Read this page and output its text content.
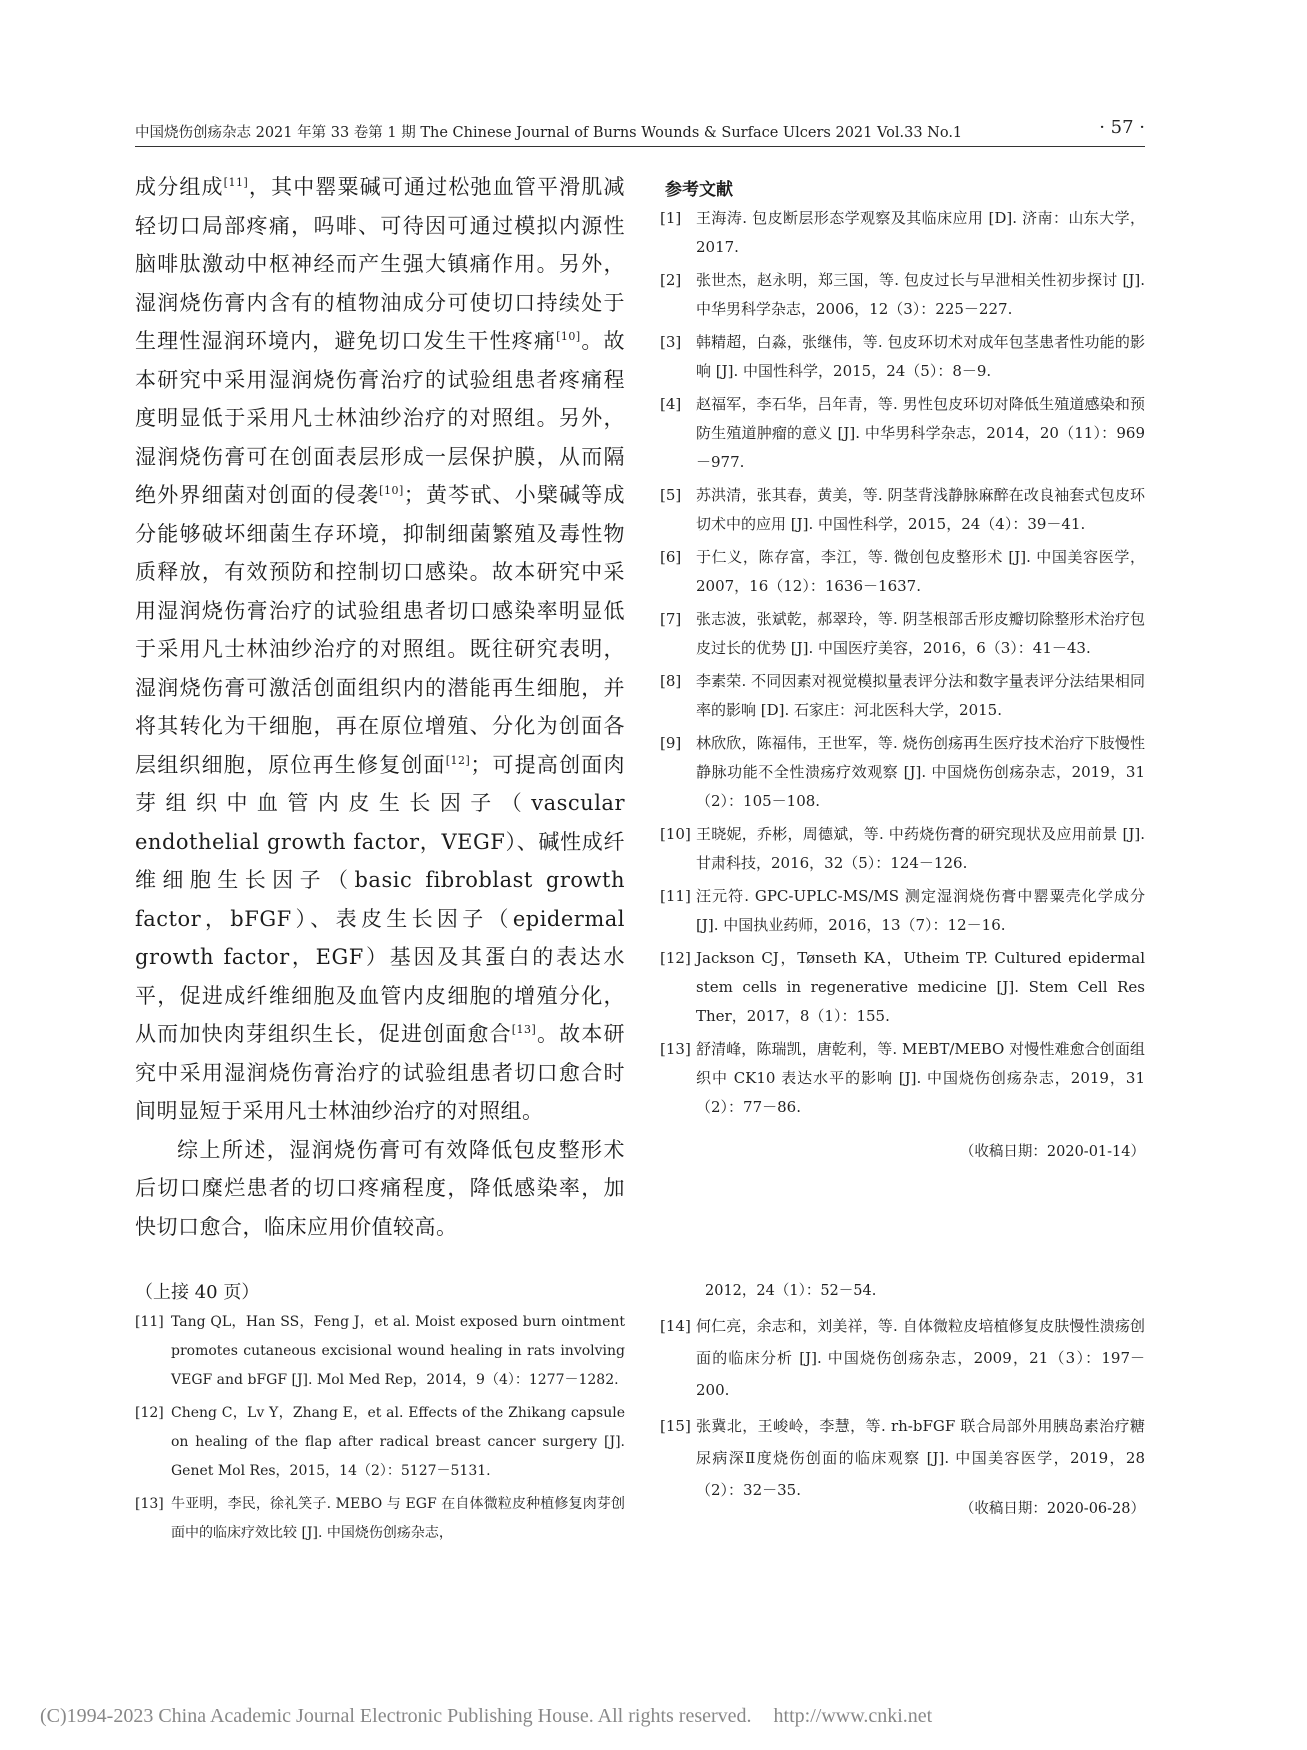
中国烧伤创疡杂志 2021 年第 33 卷第 1 期 The Chinese Journal of Burns Wounds & Surface Ulcers 2021 Vol.33 No.1	· 57 ·

成分组成[11]，其中罂粟碱可通过松弛血管平滑肌减轻切口局部疼痛，吗啡、可待因可通过模拟内源性脑啡肽激动中枢神经而产生强大镇痛作用。另外，湿润烧伤膏内含有的植物油成分可使切口持续处于生理性湿润环境内，避免切口发生干性疼痛[10]。故本研究中采用湿润烧伤膏治疗的试验组患者疼痛程度明显低于采用凡士林油纱治疗的对照组。另外，湿润烧伤膏可在创面表层形成一层保护膜，从而隔绝外界细菌对创面的侵袭[10]；黄芩甙、小檗碱等成分能够破坏细菌生存环境，抑制细菌繁殖及毒性物质释放，有效预防和控制切口感染。故本研究中采用湿润烧伤膏治疗的试验组患者切口感染率明显低于采用凡士林油纱治疗的对照组。既往研究表明，湿润烧伤膏可激活创面组织内的潜能再生细胞，并将其转化为干细胞，再在原位增殖、分化为创面各层组织细胞，原位再生修复创面[12]；可提高创面肉芽组织中血管内皮生长因子（vascular endothelial growth factor，VEGF）、碱性成纤维细胞生长因子（basic fibroblast growth factor，bFGF）、表皮生长因子（epidermal growth factor，EGF）基因及其蛋白的表达水平，促进成纤维细胞及血管内皮细胞的增殖分化，从而加快肉芽组织生长，促进创面愈合[13]。故本研究中采用湿润烧伤膏治疗的试验组患者切口愈合时间明显短于采用凡士林油纱治疗的对照组。

综上所述，湿润烧伤膏可有效降低包皮整形术后切口糜烂患者的切口疼痛程度，降低感染率，加快切口愈合，临床应用价值较高。

参考文献
[1] 王海涛. 包皮断层形态学观察及其临床应用 [D]. 济南：山东大学，2017.
[2] 张世杰，赵永明，郑三国，等. 包皮过长与早泄相关性初步探讨 [J]. 中华男科学杂志，2006，12（3）：225－227.
[3] 韩精超，白淼，张继伟，等. 包皮环切术对成年包茎患者性功能的影响 [J]. 中国性科学，2015，24（5）：8－9.
[4] 赵福军，李石华，吕年青，等. 男性包皮环切对降低生殖道感染和预防生殖道肿瘤的意义 [J]. 中华男科学杂志，2014，20（11）：969－977.
[5] 苏洪清，张其春，黄美，等. 阴茎背浅静脉麻醉在改良袖套式包皮环切术中的应用 [J]. 中国性科学，2015，24（4）：39－41.
[6] 于仁义，陈存富，李江，等. 微创包皮整形术 [J]. 中国美容医学，2007，16（12）：1636－1637.
[7] 张志波，张斌乾，郝翠玲，等. 阴茎根部舌形皮瓣切除整形术治疗包皮过长的优势 [J]. 中国医疗美容，2016，6（3）：41－43.
[8] 李素荣. 不同因素对视觉模拟量表评分法和数字量表评分法结果相同率的影响 [D]. 石家庄：河北医科大学，2015.
[9] 林欣欣，陈福伟，王世军，等. 烧伤创疡再生医疗技术治疗下肢慢性静脉功能不全性溃疡疗效观察 [J]. 中国烧伤创疡杂志，2019，31（2）：105－108.
[10] 王晓妮，乔彬，周德斌，等. 中药烧伤膏的研究现状及应用前景 [J]. 甘肃科技，2016，32（5）：124－126.
[11] 汪元符. GPC-UPLC-MS/MS 测定湿润烧伤膏中罂粟壳化学成分 [J]. 中国执业药师，2016，13（7）：12－16.
[12] Jackson CJ，Tønseth KA，Utheim TP. Cultured epidermal stem cells in regenerative medicine [J]. Stem Cell Res Ther，2017，8（1）：155.
[13] 舒清峰，陈瑞凯，唐乾利，等. MEBT/MEBO 对慢性难愈合创面组织中 CK10 表达水平的影响 [J]. 中国烧伤创疡杂志，2019，31（2）：77－86.
（收稿日期：2020-01-14）
（上接 40 页）
[11] Tang QL，Han SS，Feng J，et al. Moist exposed burn ointment promotes cutaneous excisional wound healing in rats involving VEGF and bFGF [J]. Mol Med Rep，2014，9（4）：1277－1282.
[12] Cheng C，Lv Y，Zhang E，et al. Effects of the Zhikang capsule on healing of the flap after radical breast cancer surgery [J]. Genet Mol Res，2015，14（2）：5127－5131.
[13] 牛亚明，李民，徐礼笑子. MEBO 与 EGF 在自体微粒皮种植修复肉芽创面中的临床疗效比较 [J]. 中国烧伤创疡杂志，
2012，24（1）：52－54.
[14] 何仁亮，余志和，刘美祥，等. 自体微粒皮培植修复皮肤慢性溃疡创面的临床分析 [J]. 中国烧伤创疡杂志，2009，21（3）：197－200.
[15] 张冀北，王峻岭，李慧，等. rh-bFGF 联合局部外用胰岛素治疗糖尿病深Ⅱ度烧伤创面的临床观察 [J]. 中国美容医学，2019，28（2）：32－35.
（收稿日期：2020-06-28）
(C)1994-2023 China Academic Journal Electronic Publishing House. All rights reserved. http://www.cnki.net
